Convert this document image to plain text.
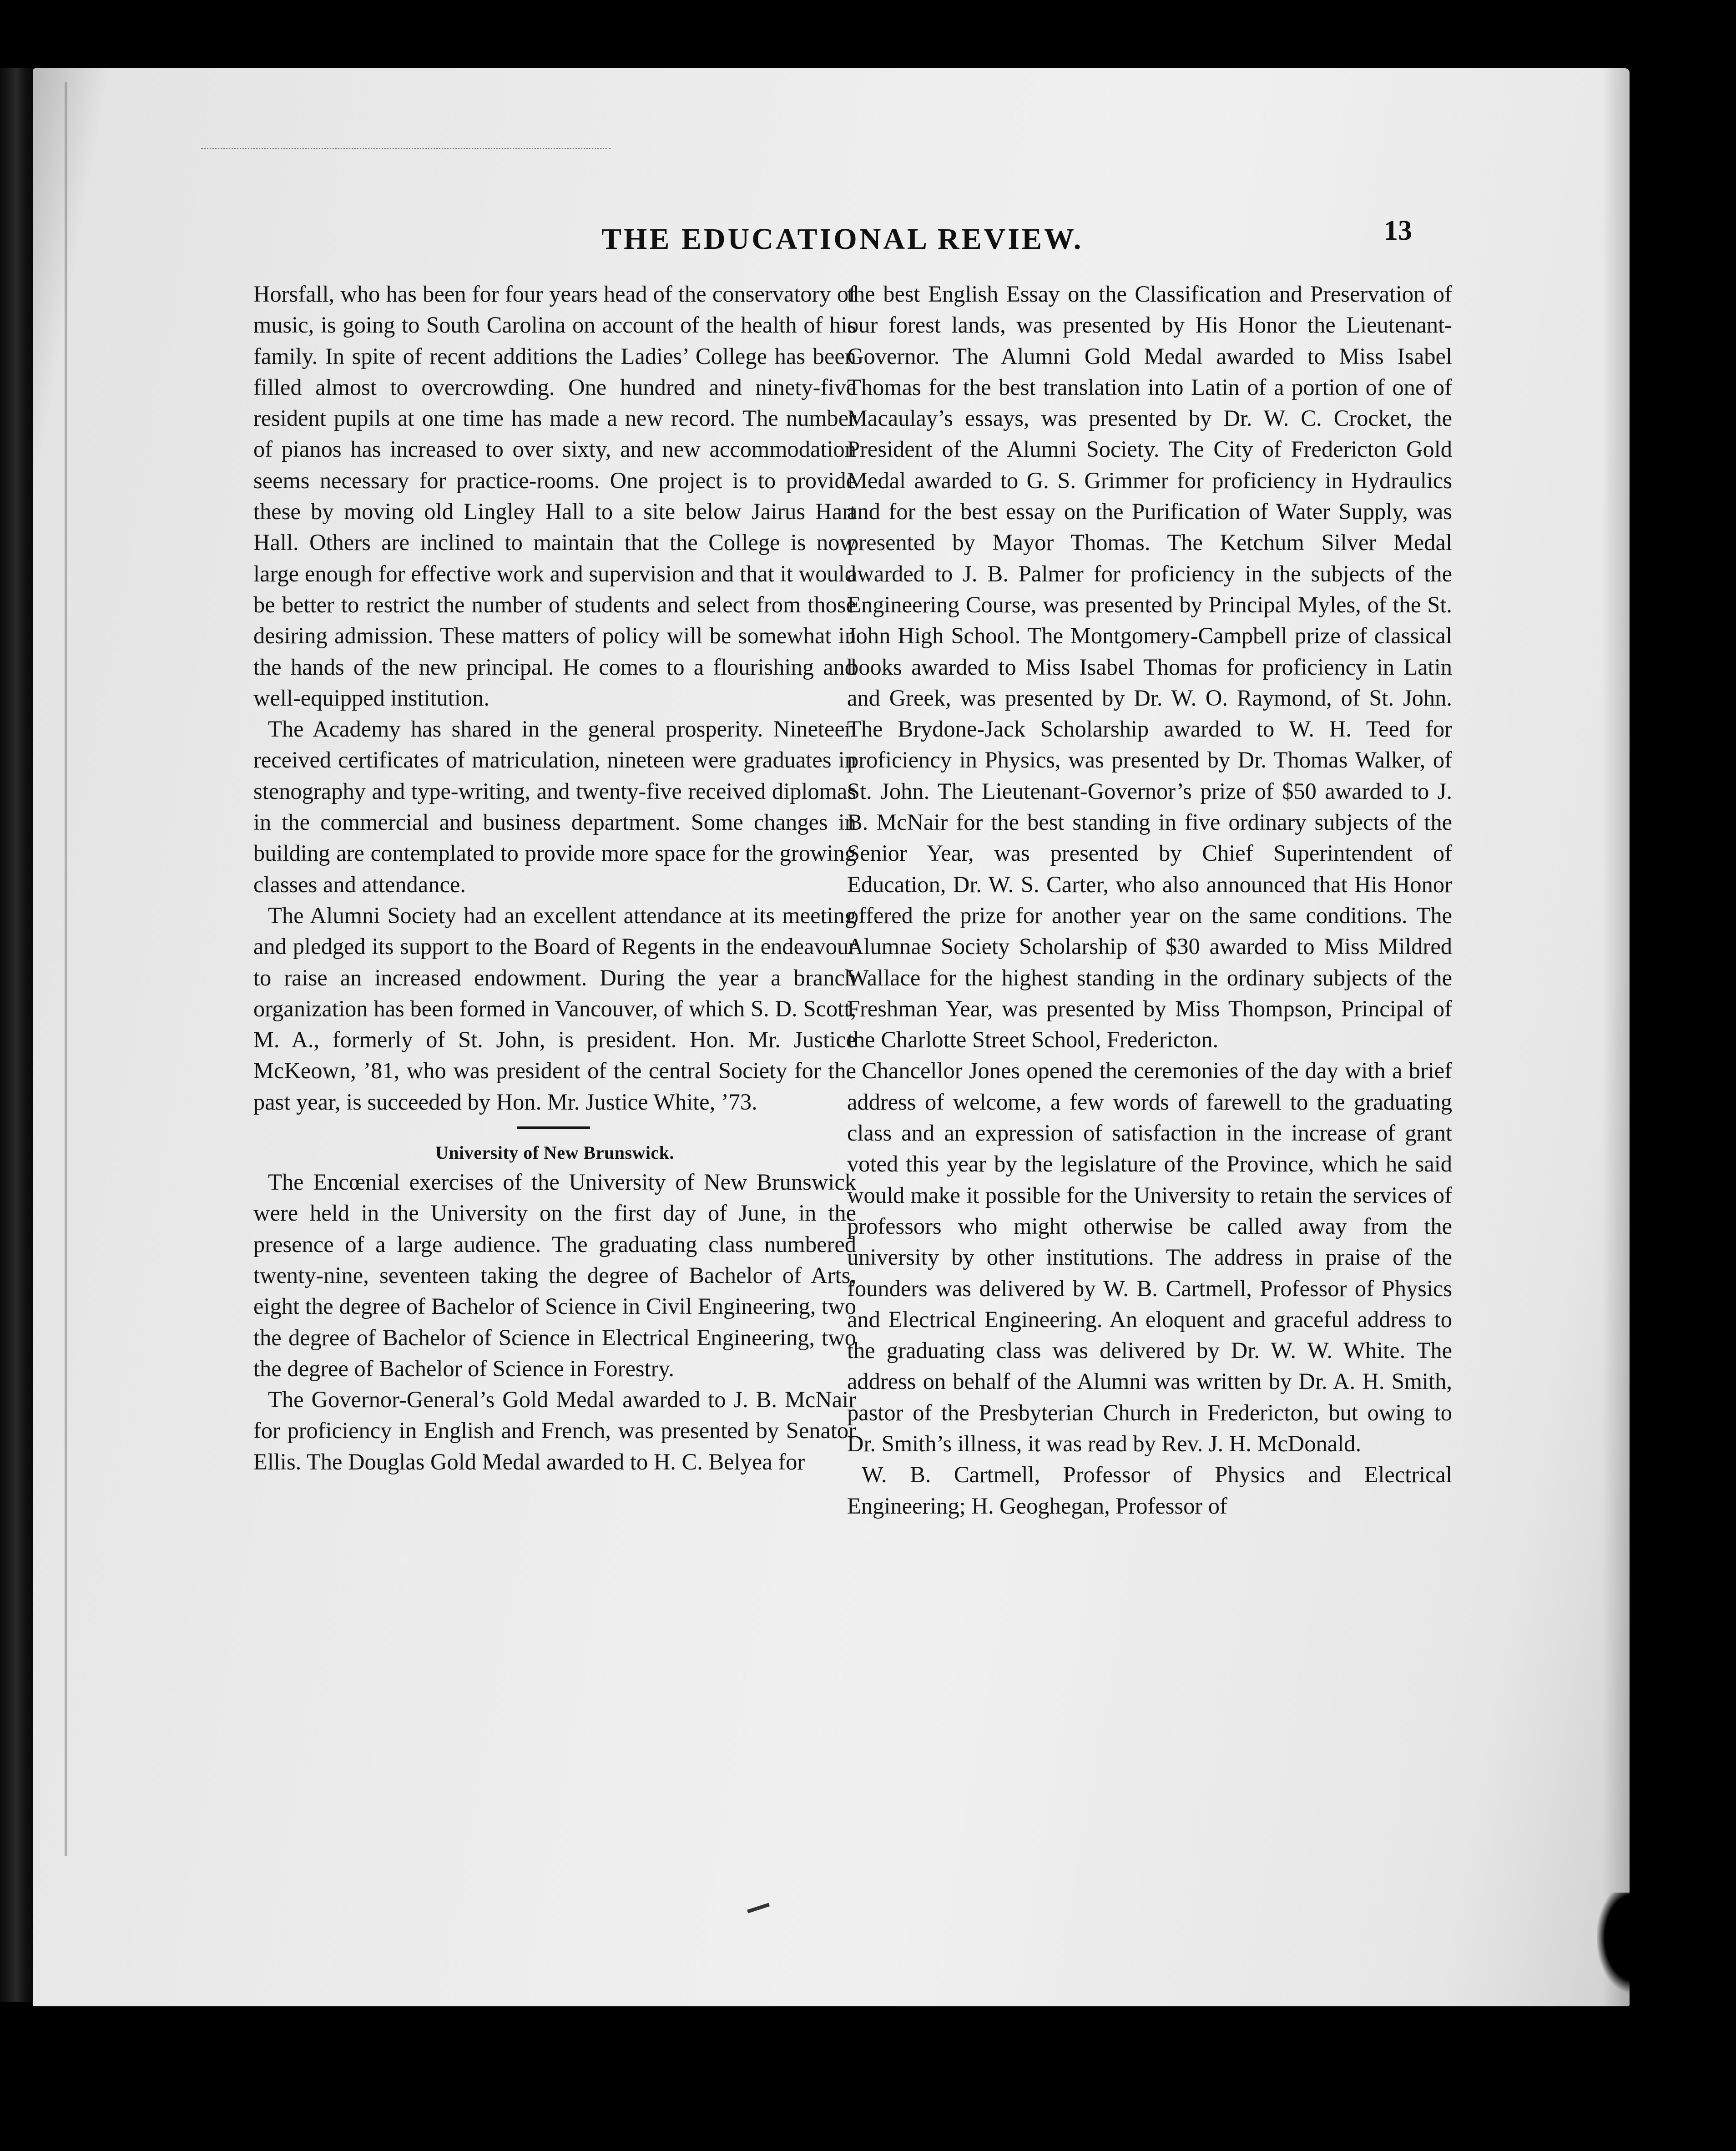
THE EDUCATIONAL REVIEW.	13

Horsfall, who has been for four years head of the conservatory of music, is going to South Carolina on account of the health of his family. In spite of recent additions the Ladies’ College has been filled almost to overcrowding. One hundred and ninety-five resident pupils at one time has made a new record. The number of pianos has increased to over sixty, and new accommodation seems necessary for practice-rooms. One project is to provide these by moving old Lingley Hall to a site below Jairus Hart Hall. Others are inclined to maintain that the College is now large enough for effective work and supervision and that it would be better to restrict the number of students and select from those desiring admission. These matters of policy will be somewhat in the hands of the new principal. He comes to a flourishing and well-equipped institution.

The Academy has shared in the general prosperity. Nineteen received certificates of matriculation, nineteen were graduates in stenography and type-writing, and twenty-five received diplomas in the commercial and business department. Some changes in building are contemplated to provide more space for the growing classes and attendance.

The Alumni Society had an excellent attendance at its meeting and pledged its support to the Board of Regents in the endeavour to raise an increased endowment. During the year a branch organization has been formed in Vancouver, of which S. D. Scott, M. A., formerly of St. John, is president. Hon. Mr. Justice McKeown, ’81, who was president of the central Society for the past year, is succeeded by Hon. Mr. Justice White, ’73.

University of New Brunswick.

The Encœnial exercises of the University of New Brunswick were held in the University on the first day of June, in the presence of a large audience. The graduating class numbered twenty-nine, seventeen taking the degree of Bachelor of Arts, eight the degree of Bachelor of Science in Civil Engineering, two the degree of Bachelor of Science in Electrical Engineering, two the degree of Bachelor of Science in Forestry.

The Governor-General’s Gold Medal awarded to J. B. McNair for proficiency in English and French, was presented by Senator Ellis. The Douglas Gold Medal awarded to H. C. Belyea for

the best English Essay on the Classification and Preservation of our forest lands, was presented by His Honor the Lieutenant-Governor. The Alumni Gold Medal awarded to Miss Isabel Thomas for the best translation into Latin of a portion of one of Macaulay’s essays, was presented by Dr. W. C. Crocket, the President of the Alumni Society. The City of Fredericton Gold Medal awarded to G. S. Grimmer for proficiency in Hydraulics and for the best essay on the Purification of Water Supply, was presented by Mayor Thomas. The Ketchum Silver Medal awarded to J. B. Palmer for proficiency in the subjects of the Engineering Course, was presented by Principal Myles, of the St. John High School. The Montgomery-Campbell prize of classical books awarded to Miss Isabel Thomas for proficiency in Latin and Greek, was presented by Dr. W. O. Raymond, of St. John. The Brydone-Jack Scholarship awarded to W. H. Teed for proficiency in Physics, was presented by Dr. Thomas Walker, of St. John. The Lieutenant-Governor’s prize of $50 awarded to J. B. McNair for the best standing in five ordinary subjects of the Senior Year, was presented by Chief Superintendent of Education, Dr. W. S. Carter, who also announced that His Honor offered the prize for another year on the same conditions. The Alumnae Society Scholarship of $30 awarded to Miss Mildred Wallace for the highest standing in the ordinary subjects of the Freshman Year, was presented by Miss Thompson, Principal of the Charlotte Street School, Fredericton.

Chancellor Jones opened the ceremonies of the day with a brief address of welcome, a few words of farewell to the graduating class and an expression of satisfaction in the increase of grant voted this year by the legislature of the Province, which he said would make it possible for the University to retain the services of professors who might otherwise be called away from the university by other institutions. The address in praise of the founders was delivered by W. B. Cartmell, Professor of Physics and Electrical Engineering. An eloquent and graceful address to the graduating class was delivered by Dr. W. W. White. The address on behalf of the Alumni was written by Dr. A. H. Smith, pastor of the Presbyterian Church in Fredericton, but owing to Dr. Smith’s illness, it was read by Rev. J. H. McDonald.

W. B. Cartmell, Professor of Physics and Electrical Engineering; H. Geoghegan, Professor of
